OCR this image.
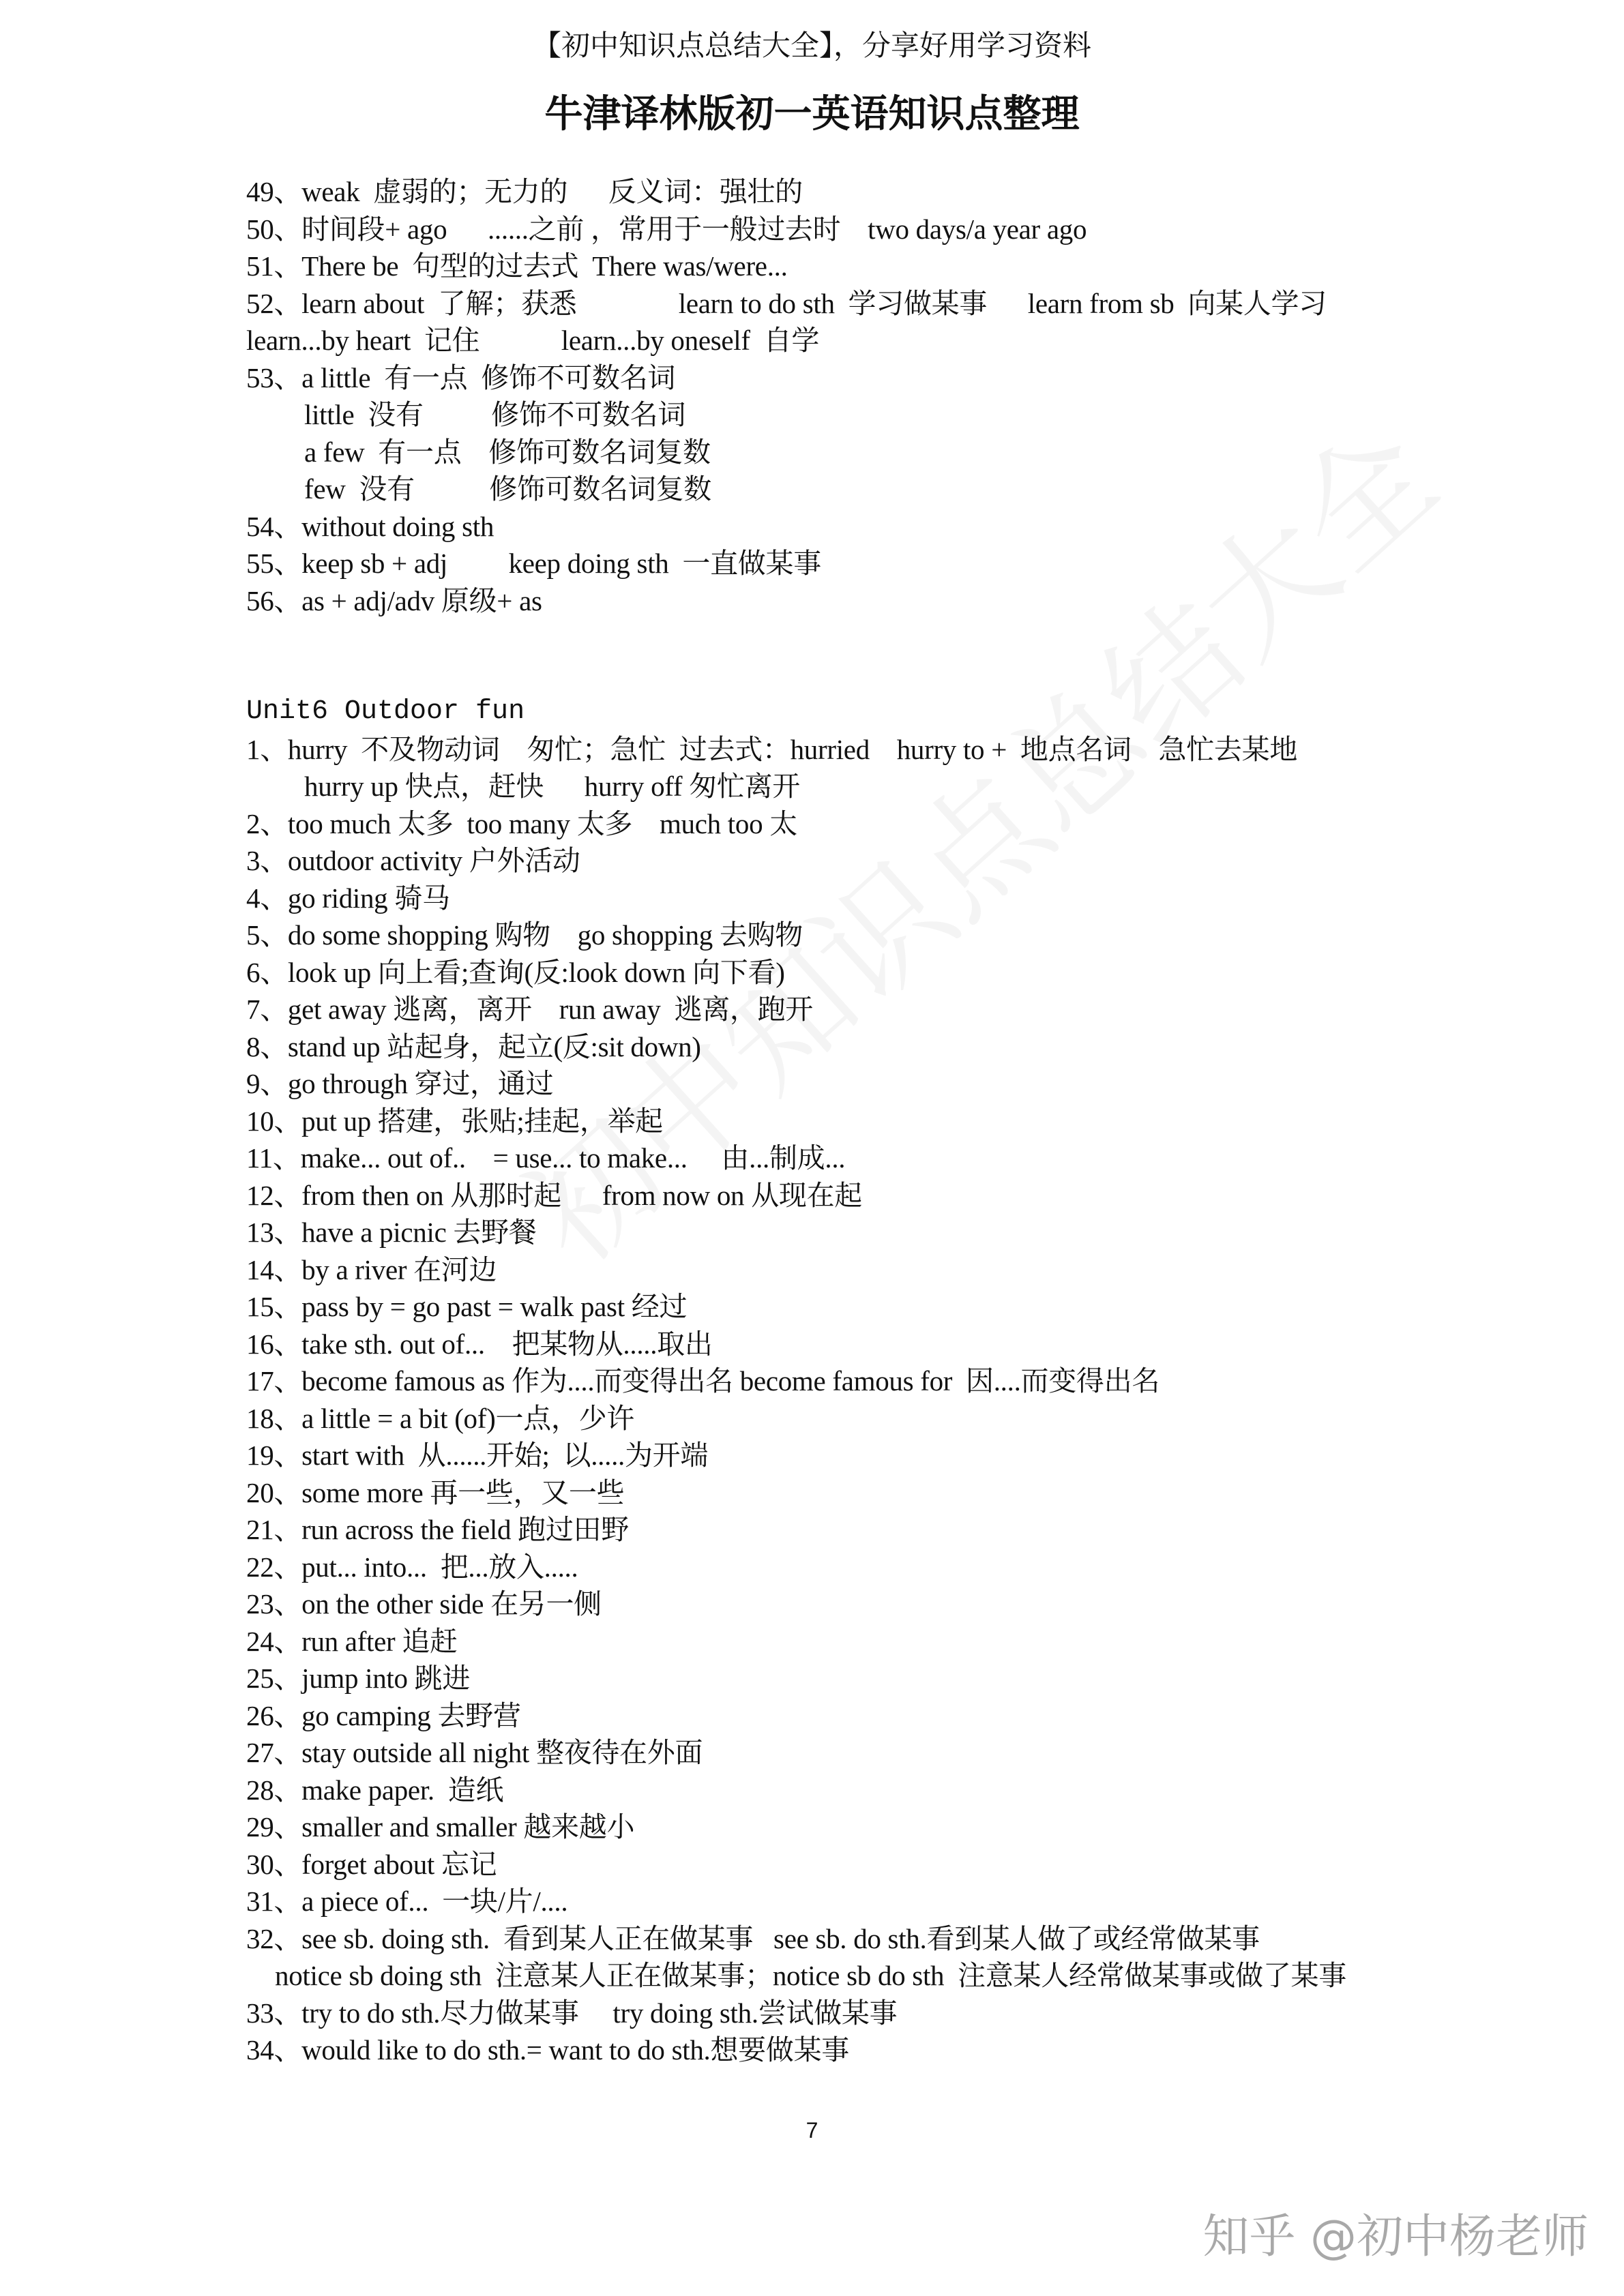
【初中知识点总结大全】，分享好用学习资料
牛津译林版初一英语知识点整理
49、weak  虚弱的；无力的      反义词：强壮的
50、时间段+ ago      ......之前 ，常用于一般过去时    two days/a year ago
51、There be  句型的过去式  There was/were...
52、learn about  了解；获悉               learn to do sth  学习做某事      learn from sb  向某人学习
learn...by heart  记住            learn...by oneself  自学
53、a little  有一点  修饰不可数名词
little  没有          修饰不可数名词
a few  有一点    修饰可数名词复数
few  没有           修饰可数名词复数
54、without doing sth
55、keep sb + adj         keep doing sth  一直做某事
56、as + adj/adv 原级+ as
Unit6 Outdoor fun
1、hurry  不及物动词    匆忙；急忙  过去式：hurried    hurry to +  地点名词    急忙去某地
hurry up 快点，赶快      hurry off 匆忙离开
2、too much 太多  too many 太多    much too 太
3、outdoor activity 户外活动
4、go riding 骑马
5、do some shopping 购物    go shopping 去购物
6、look up 向上看;查询(反:look down 向下看)
7、get away 逃离，离开    run away  逃离，跑开
8、stand up 站起身，起立(反:sit down)
9、go through 穿过，通过
10、put up 搭建，张贴;挂起，举起
11、make... out of..    = use... to make...     由...制成...
12、from then on 从那时起      from now on 从现在起
13、have a picnic 去野餐
14、by a river 在河边
15、pass by = go past = walk past 经过
16、take sth. out of...    把某物从.....取出
17、become famous as 作为....而变得出名 become famous for  因....而变得出名
18、a little = a bit (of)一点，少许
19、start with  从......开始;  以.....为开端
20、some more 再一些，又一些
21、run across the field 跑过田野
22、put... into...  把...放入.....
23、on the other side 在另一侧
24、run after 追赶
25、jump into 跳进
26、go camping 去野营
27、stay outside all night 整夜待在外面
28、make paper.  造纸
29、smaller and smaller 越来越小
30、forget about 忘记
31、a piece of...  一块/片/....
32、see sb. doing sth.  看到某人正在做某事   see sb. do sth.看到某人做了或经常做某事
notice sb doing sth  注意某人正在做某事；notice sb do sth  注意某人经常做某事或做了某事
33、try to do sth.尽力做某事     try doing sth.尝试做某事
34、would like to do sth.= want to do sth.想要做某事
7
知乎 @初中杨老师
